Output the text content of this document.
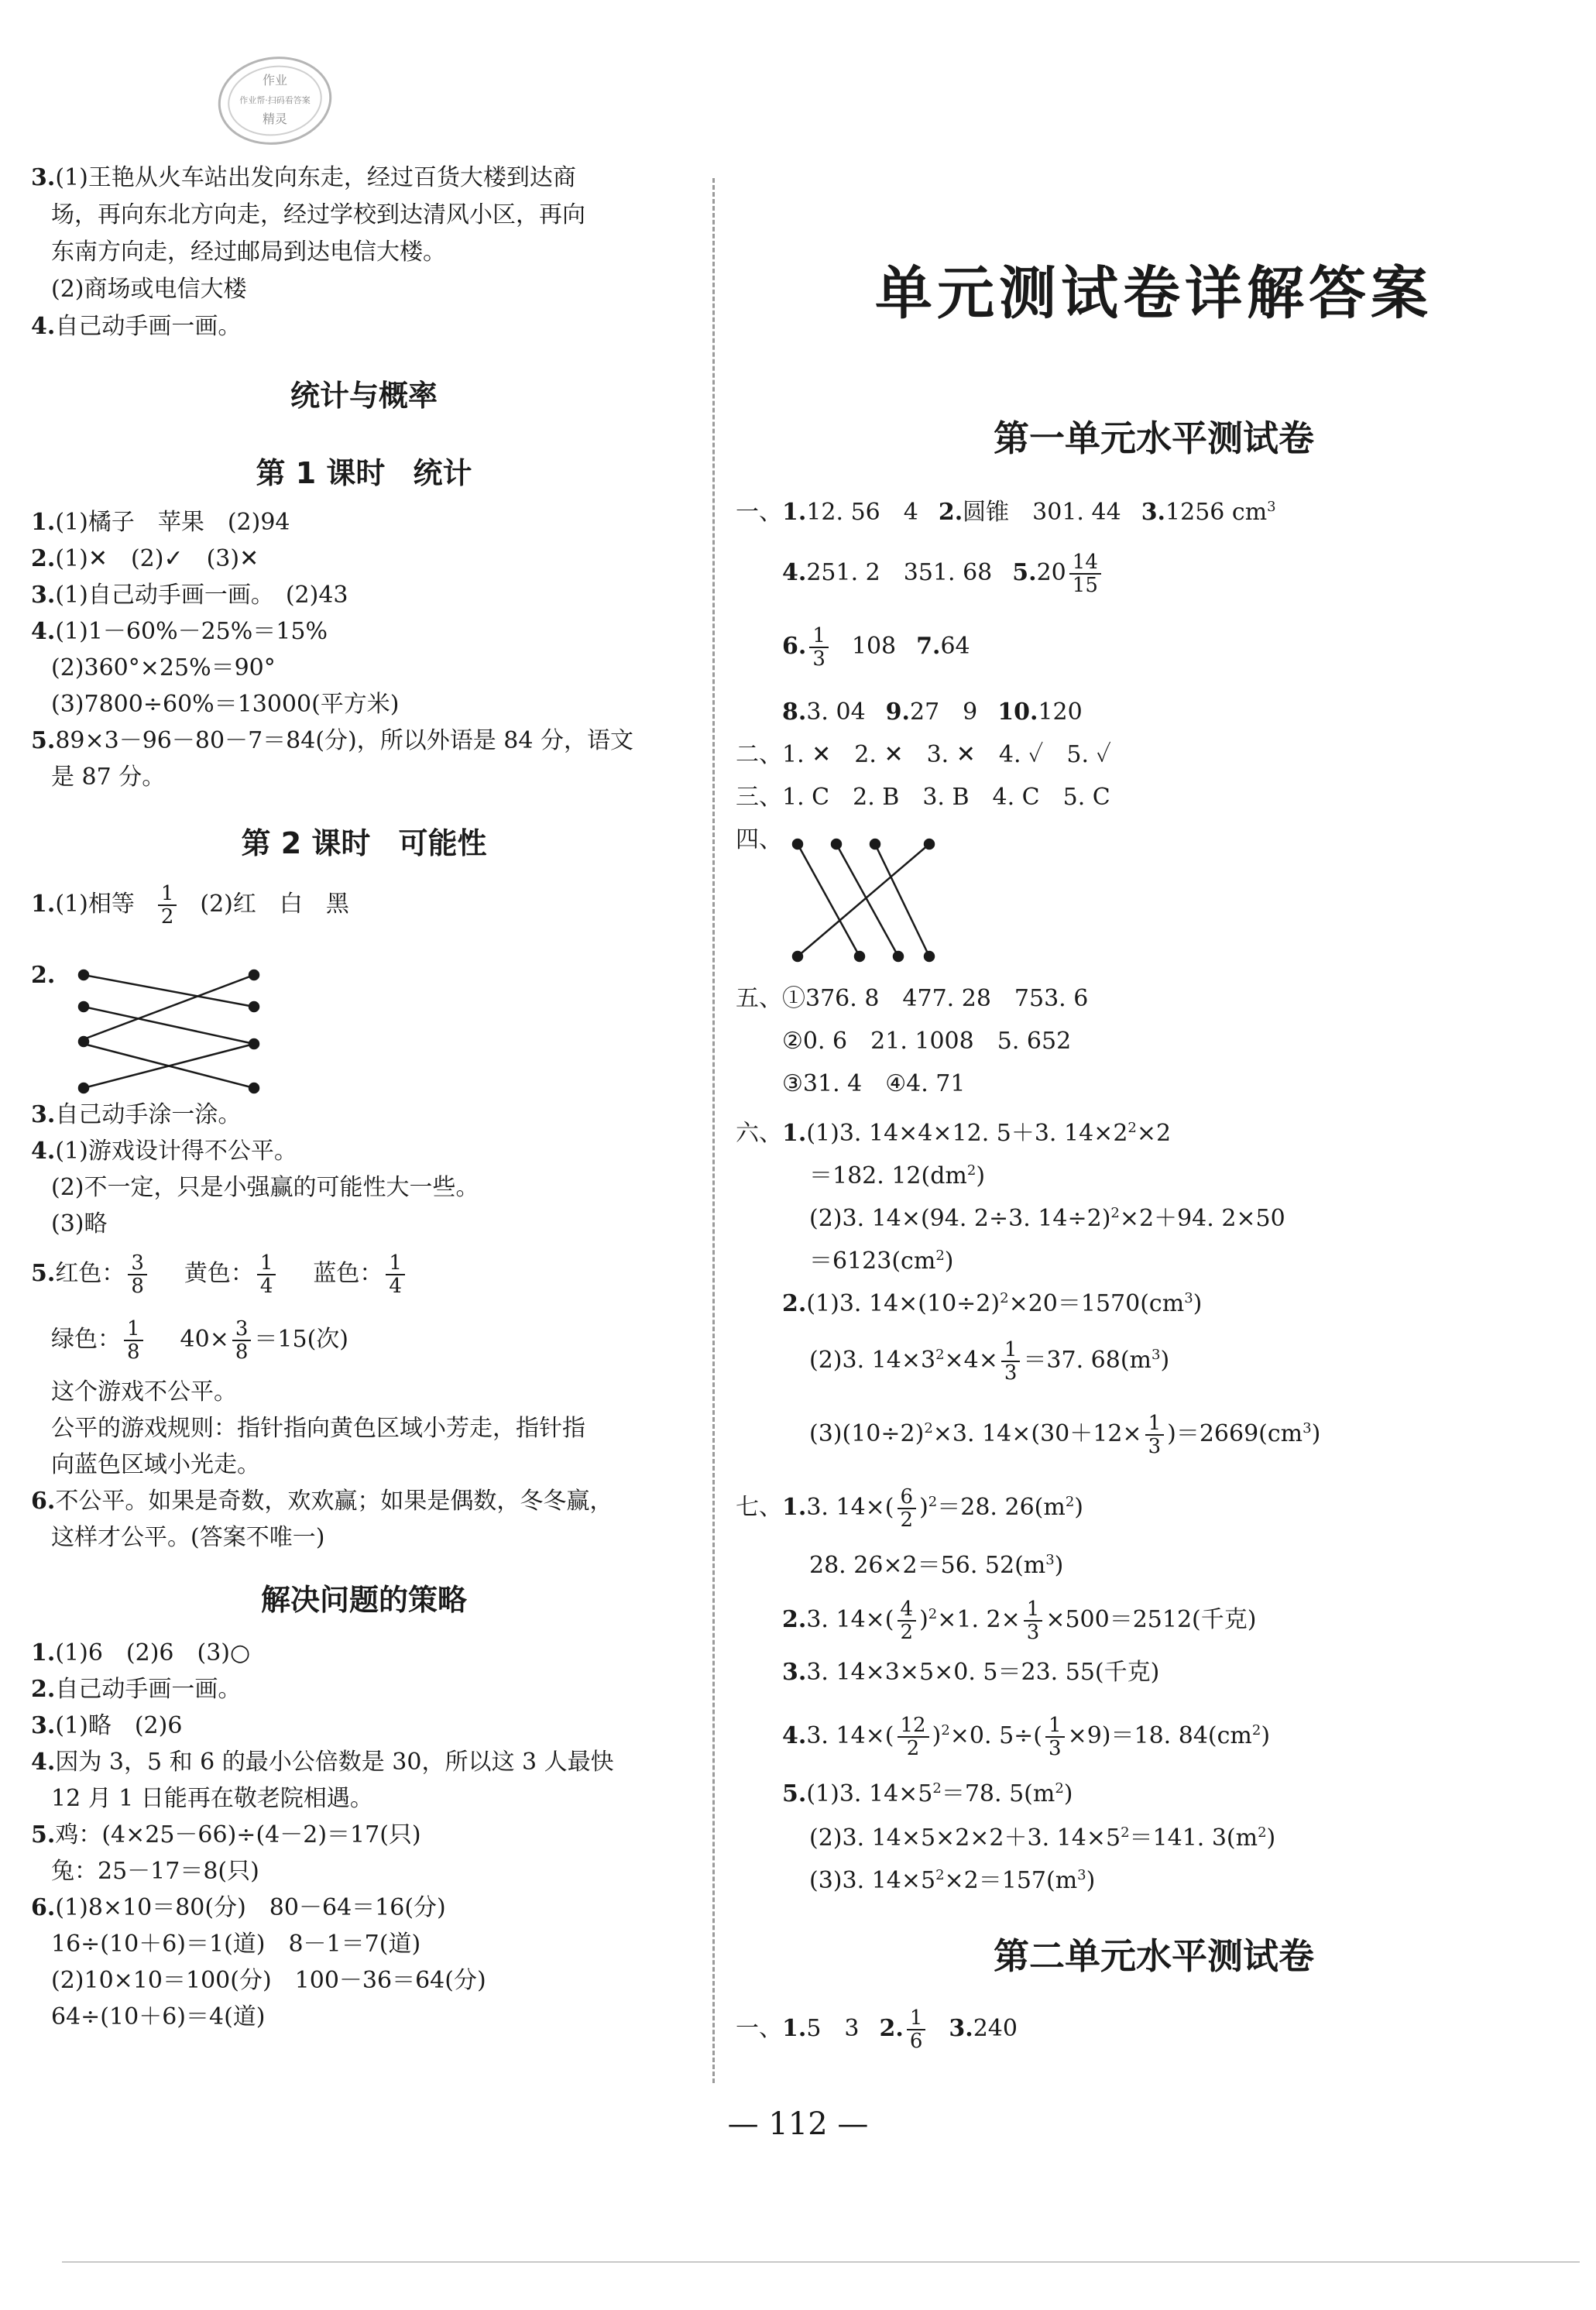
作业
作业帮·扫码看答案
精灵
3.(1)王艳从火车站出发向东走，经过百货大楼到达商
场，再向东北方向走，经过学校到达清风小区，再向
东南方向走，经过邮局到达电信大楼。
(2)商场或电信大楼
4.自己动手画一画。
统计与概率
第 1 课时 统计
1.(1)橘子　苹果　(2)94
2.(1)✕　(2)✓　(3)✕
3.(1)自己动手画一画。　(2)43
4.(1)1－60%－25%＝15%
(2)360°×25%＝90°
(3)7800÷60%＝13000(平方米)
5.89×3－96－80－7＝84(分)，所以外语是 84 分，语文
是 87 分。
第 2 课时 可能性
1.(1)相等 $\frac{1}{2} (2)$红　白　黑
2.
3.自己动手涂一涂。
4.(1)游戏设计得不公平。
(2)不一定，只是小强赢的可能性大一些。
(3)略
5.红色： $\frac{3}{8}$ 黄色： $\frac{1}{4}$ 蓝色： $\frac{1}{4}$
绿色： $\frac{1}{8} 40\times \frac{3}{8} =15$(次)
这个游戏不公平。
公平的游戏规则：指针指向黄色区域小芳走，指针指
向蓝色区域小光走。
6.不公平。如果是奇数，欢欢赢；如果是偶数，冬冬赢，
这样才公平。(答案不唯一)
解决问题的策略
1.(1)6　(2)6　(3)○
2.自己动手画一画。
3.(1)略　(2)6
4.因为 3，5 和 6 的最小公倍数是 30，所以这 3 人最快
12 月 1 日能再在敬老院相遇。
5.鸡：(4×25－66)÷(4－2)＝17(只)
兔：25－17＝8(只)
6.(1)8×10＝80(分)　80－64＝16(分)
16÷(10＋6)＝1(道)　8－1＝7(道)
(2)10×10＝100(分)　100－36＝64(分)
64÷(10＋6)＝4(道)
单元测试卷详解答案
第一单元水平测试卷
一、1.12. 56　4 2.圆锥　301. 44 3.1256 $cm^3$
4.251. 2　351. 68 $5.20 \frac{14}{15}$
6. $\frac{1}{3} 108$ 7.64
8.3. 04 9.27　9 10.120
二、1. ✕　2. ✕　3. ✕　4. ✓　5. ✓
三、1. C　2. B　3. B　4. C　5. C
四、
五、①376. 8　477. 28　753. 6
②0. 6　21. 1008　5. 652
③31. 4　④4. 71
六、1.(1)3. 14×4×12. 5＋3. $14\times 2^2\times 2$
＝182. $12(dm^2)$
(2)3. 14×(94. 2÷3. 14÷2)$^2$×2＋94. 2×50
$=6123(cm^2)$
2.(1)3. $14\times(10\div 2)^2\times 20=1570(cm^3)$
(2)3. $14\times 3^2\times 4\times \frac{1}{3} =37$. $68(m^3)$
$(3)(10\div 2)^2\times 3$. $14\times(30+12\times \frac{1}{3} )=2669(cm^3)$
七、1.3. $14\times( \frac{6}{2} )^2=28$. $26(m^2)$
28. 26×2＝56. $52(m^3)$
2.3. $14\times( \frac{4}{2} )^2\times 1$. $2\times \frac{1}{3} \times 500=2512$(千克)
3.3. 14×3×5×0. 5＝23. 55(千克)
4.3. $14\times( \frac{12}{2} )^2\times 0$. $5\div( \frac{1}{3} \times 9)=18$. $84(cm^2)$
5.(1)3. $14\times 5^2=78$. $5(m^2)$
(2)3. 14×5×2×2＋3. $14\times 5^2=141$. $3(m^2)$
(3)3. $14\times 5^2\times 2=157(m^3)$
第二单元水平测试卷
一、1.5　3 2. $\frac{1}{6} 3.240$
— 112 —
